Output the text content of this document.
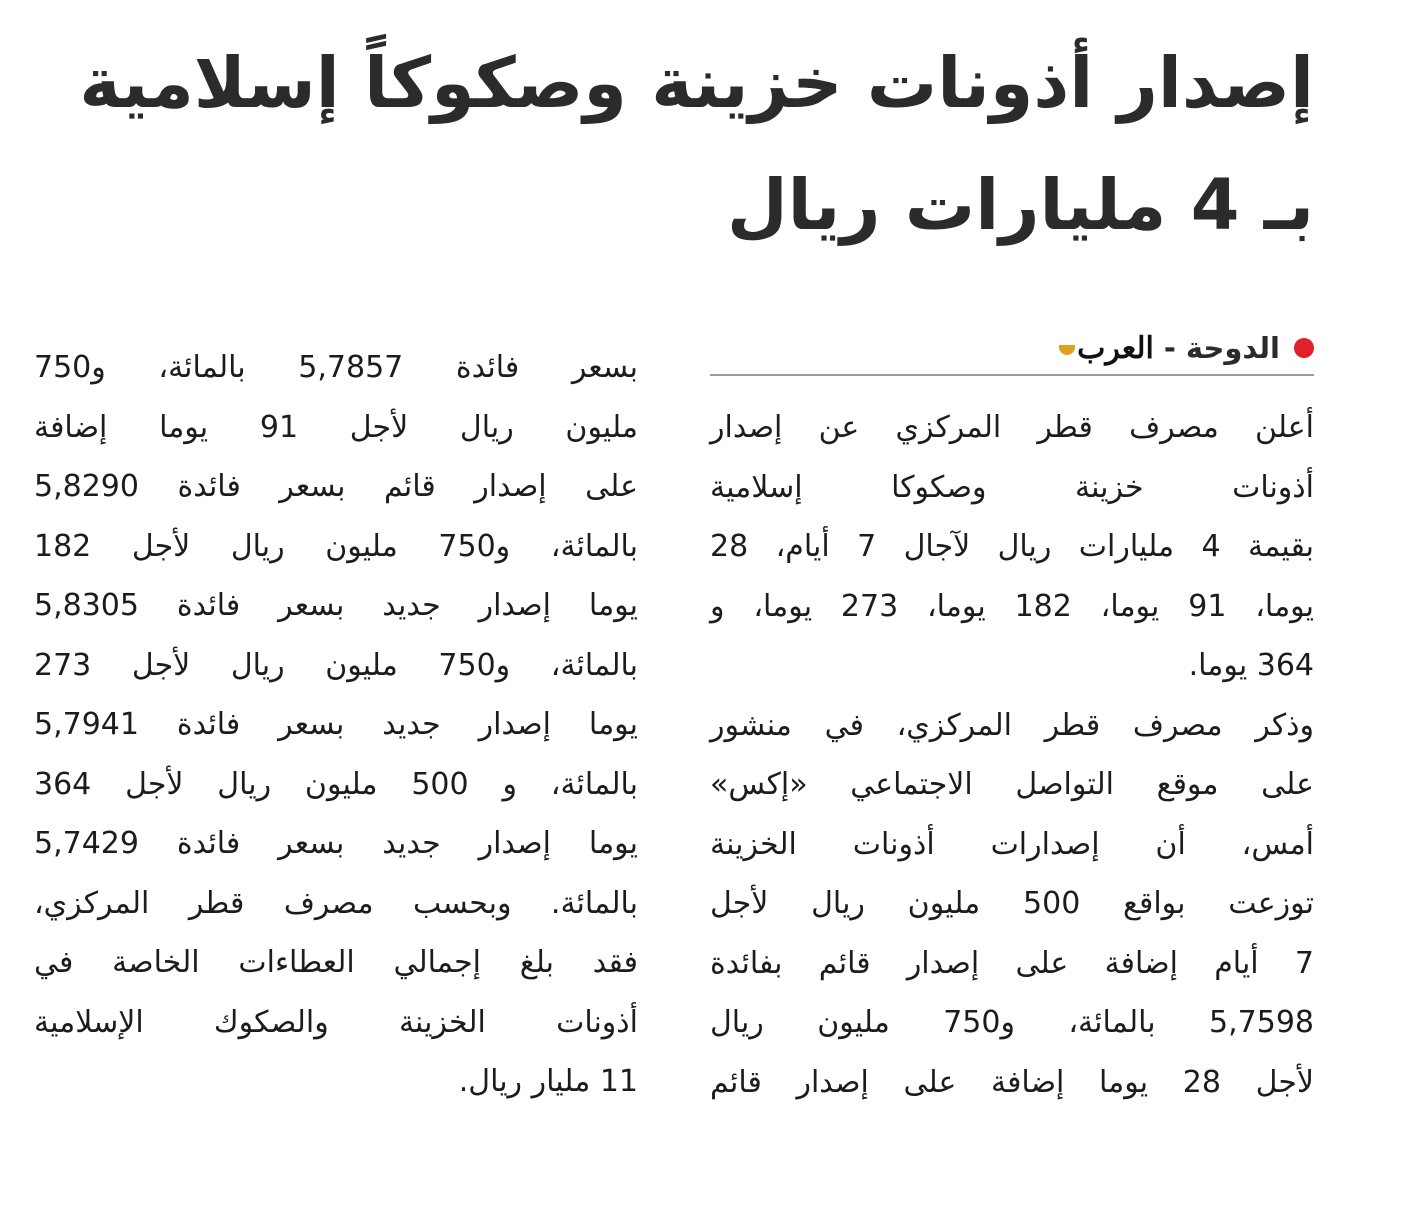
إصدار أذونات خزينة وصكوكاً إسلامية
بـ 4 مليارات ريال
الدوحة
-
العرب
أعلن مصرف قطر المركزي عن إصدار
أذونات خزينة وصكوكا إسلامية
بقيمة 4 مليارات ريال لآجال 7 أيام، 28
يوما، 91 يوما، 182 يوما، 273 يوما، و
364 يوما.
وذكر مصرف قطر المركزي، في منشور
على موقع التواصل الاجتماعي «إكس»
أمس، أن إصدارات أذونات الخزينة
توزعت بواقع 500 مليون ريال لأجل
7 أيام إضافة على إصدار قائم بفائدة
5,7598 بالمائة، و750 مليون ريال
لأجل 28 يوما إضافة على إصدار قائم
بسعر فائدة 5,7857 بالمائة، و750
مليون ريال لأجل 91 يوما إضافة
على إصدار قائم بسعر فائدة 5,8290
بالمائة، و750 مليون ريال لأجل 182
يوما إصدار جديد بسعر فائدة 5,8305
بالمائة، و750 مليون ريال لأجل 273
يوما إصدار جديد بسعر فائدة 5,7941
بالمائة، و 500 مليون ريال لأجل 364
يوما إصدار جديد بسعر فائدة 5,7429
بالمائة. وبحسب مصرف قطر المركزي،
فقد بلغ إجمالي العطاءات الخاصة في
أذونات الخزينة والصكوك الإسلامية
11 مليار ريال.
